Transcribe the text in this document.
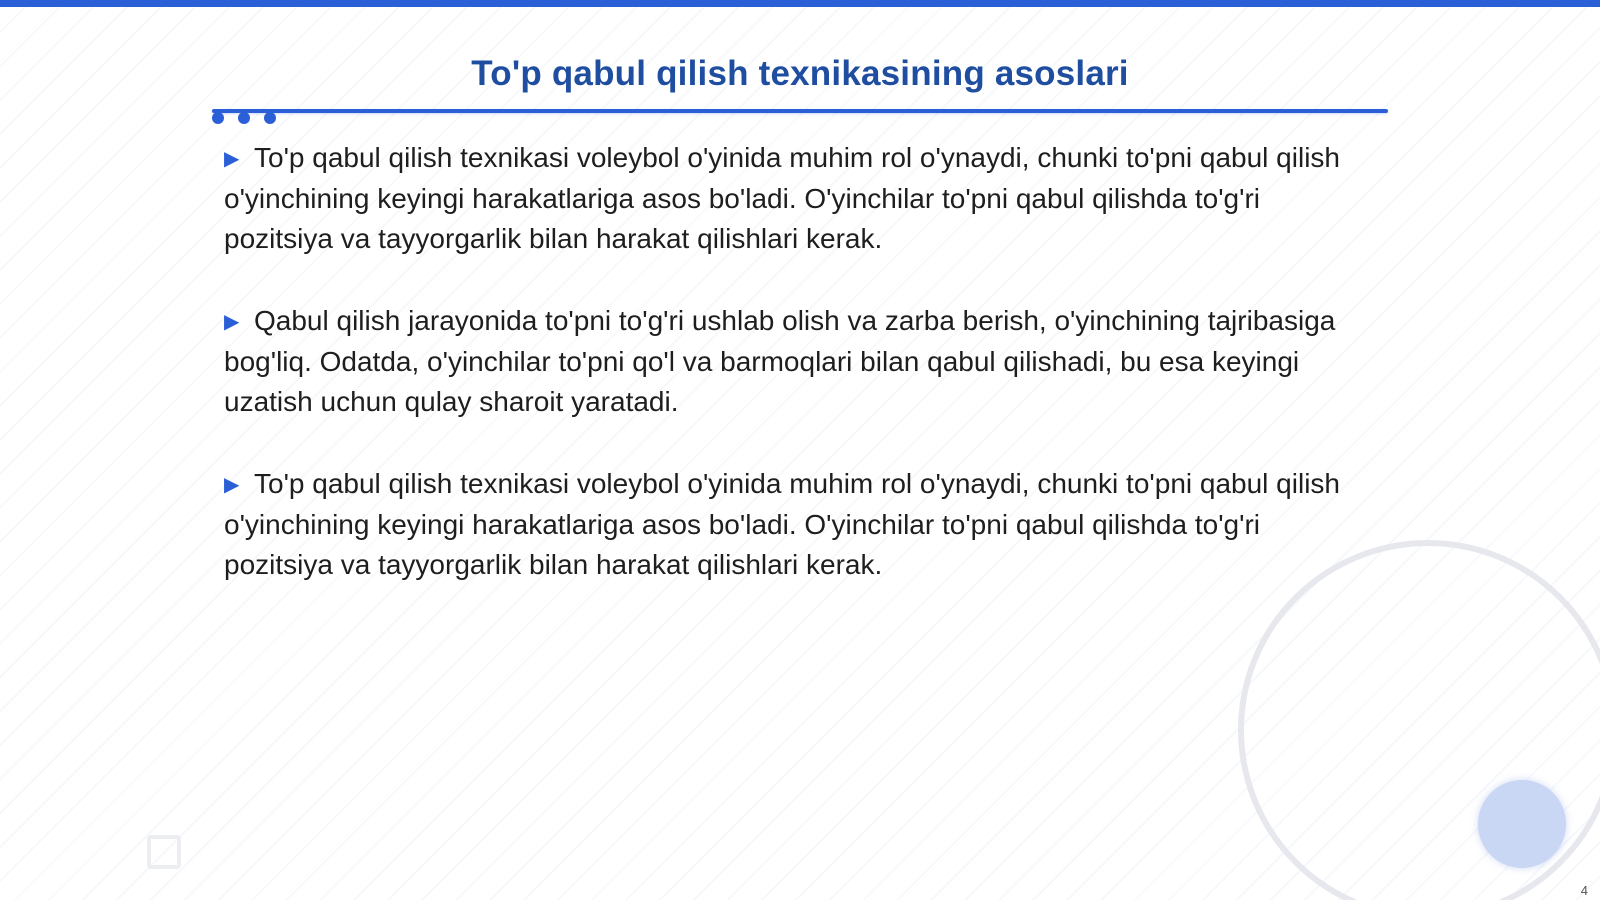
To'p qabul qilish texnikasining asoslari

▶ To'p qabul qilish texnikasi voleybol o'yinida muhim rol o'ynaydi, chunki to'pni qabul qilish o'yinchining keyingi harakatlariga asos bo'ladi. O'yinchilar to'pni qabul qilishda to'g'ri pozitsiya va tayyorgarlik bilan harakat qilishlari kerak.

▶ Qabul qilish jarayonida to'pni to'g'ri ushlab olish va zarba berish, o'yinchining tajribasiga bog'liq. Odatda, o'yinchilar to'pni qo'l va barmoqlari bilan qabul qilishadi, bu esa keyingi uzatish uchun qulay sharoit yaratadi.

▶ To'p qabul qilish texnikasi voleybol o'yinida muhim rol o'ynaydi, chunki to'pni qabul qilish o'yinchining keyingi harakatlariga asos bo'ladi. O'yinchilar to'pni qabul qilishda to'g'ri pozitsiya va tayyorgarlik bilan harakat qilishlari kerak.

4
